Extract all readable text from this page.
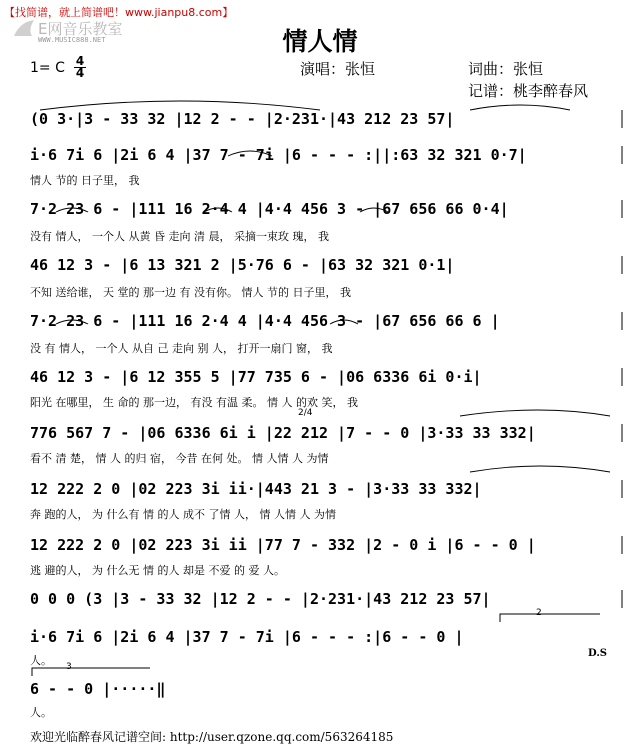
【找简谱，就上简谱吧！www.jianpu8.com】
E网音乐教室
WWW.MUSIC888.NET	情人情
1= C 4
4	演唱：张恒	词曲：张恒
记谱：桃李醉春风
(0 3·|3 - 33 32 |12 2 - - |2·231·|43 212 23 57|
i·6 7i 6 |2i 6 4 |37 7 - 7i |6 - - - :||:63 32 321 0·7|
情人 节的 日子里， 我
7·2 23 6 - |111 16 2·4 4 |4·4 456 3 - |67 656 66 0·4|
没有 情人， 一个人 从黄 昏 走向 清 晨， 采摘一束玫 瑰， 我
46 12 3 - |6 13 321 2 |5·76 6 - |63 32 321 0·1|
不知 送给谁， 天 堂的 那一边 有 没有你。 情人 节的 日子里， 我
7·2 23 6 - |111 16 2·4 4 |4·4 456 3 - |67 656 66 6 |
没 有 情人， 一个人 从自 己 走向 别 人， 打开一扇门 窗， 我
46 12 3 - |6 12 355 5 |77 735 6 - |06 6336 6i 0·i|
阳光 在哪里， 生 命的 那一边， 有没 有温 柔。 情 人 的欢 笑， 我
2/4
776 567 7 - |06 6336 6i i |22 212 |7 - - 0 |3·33 33 332|
看不 清 楚， 情 人 的归 宿， 今昔 在何 处。 情 人情 人 为情
12 222 2 0 |02 223 3i ii·|443 21 3 - |3·33 33 332|
奔 跑的人， 为 什么有 情 的人 成不 了情 人， 情 人情 人 为情
12 222 2 0 |02 223 3i ii |77 7 - 332 |2 - 0 i |6 - - 0 |
逃 避的人， 为 什么无 情 的人 却是 不爱 的 爱 人。
0 0 0 (3 |3 - 33 32 |12 2 - - |2·231·|43 212 23 57|
2
i·6 7i 6 |2i 6 4 |37 7 - 7i |6 - - - :|6 - - 0 |
人。
D.S
3
6 - - 0 |·····‖
人。
欢迎光临醉春风记谱空间: http://user.qzone.qq.com/563264185
